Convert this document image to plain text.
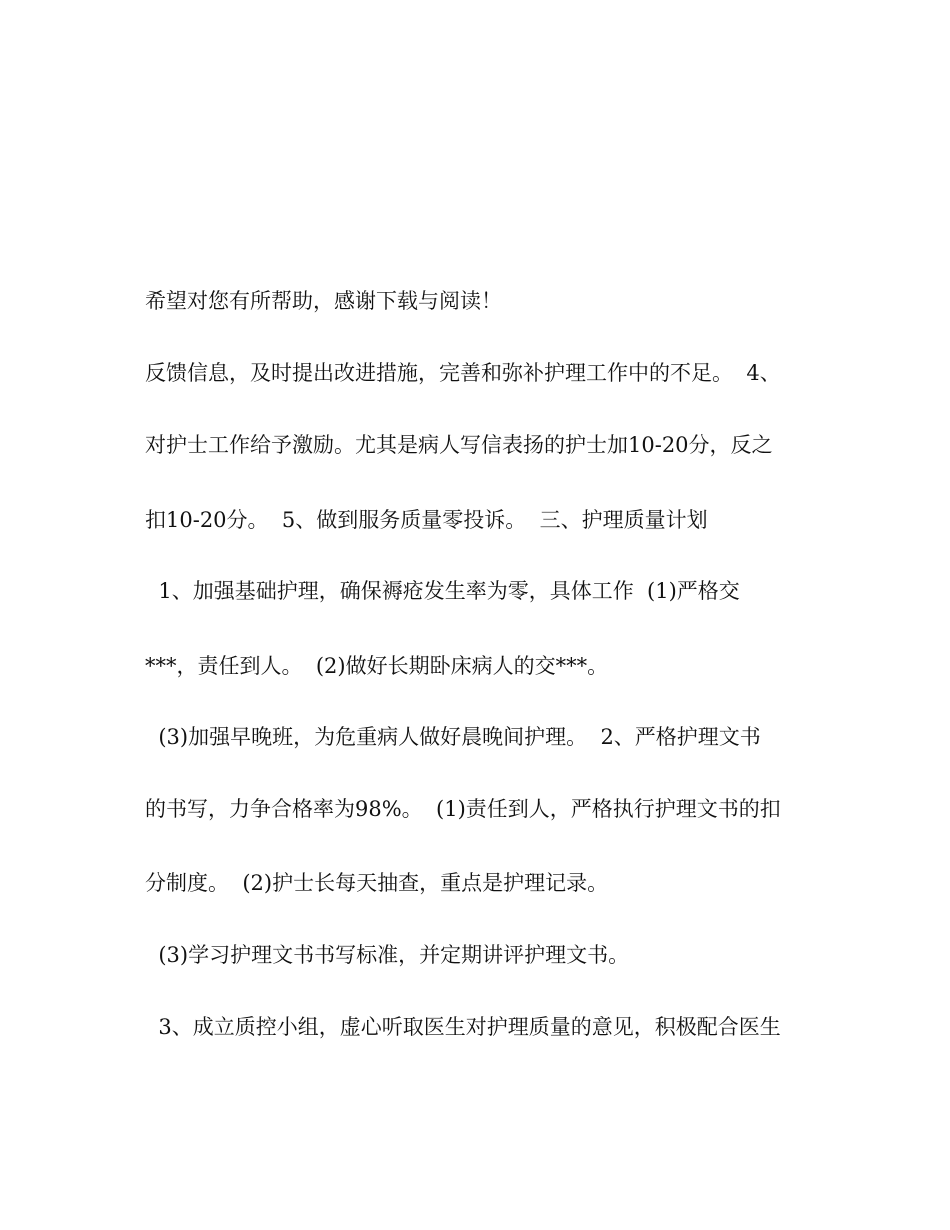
希望对您有所帮助，感谢下载与阅读！
反馈信息，及时提出改进措施，完善和弥补护理工作中的不足。  4、
对护士工作给予激励。尤其是病人写信表扬的护士加10-20分，反之
扣10-20分。  5、做到服务质量零投诉。  三、护理质量计划
1、加强基础护理，确保褥疮发生率为零，具体工作  (1)严格交
***，责任到人。  (2)做好长期卧床病人的交***。
(3)加强早晚班，为危重病人做好晨晚间护理。  2、严格护理文书
的书写，力争合格率为98%。  (1)责任到人，严格执行护理文书的扣
分制度。  (2)护士长每天抽查，重点是护理记录。
(3)学习护理文书书写标准，并定期讲评护理文书。
3、成立质控小组，虚心听取医生对护理质量的意见，积极配合医生
